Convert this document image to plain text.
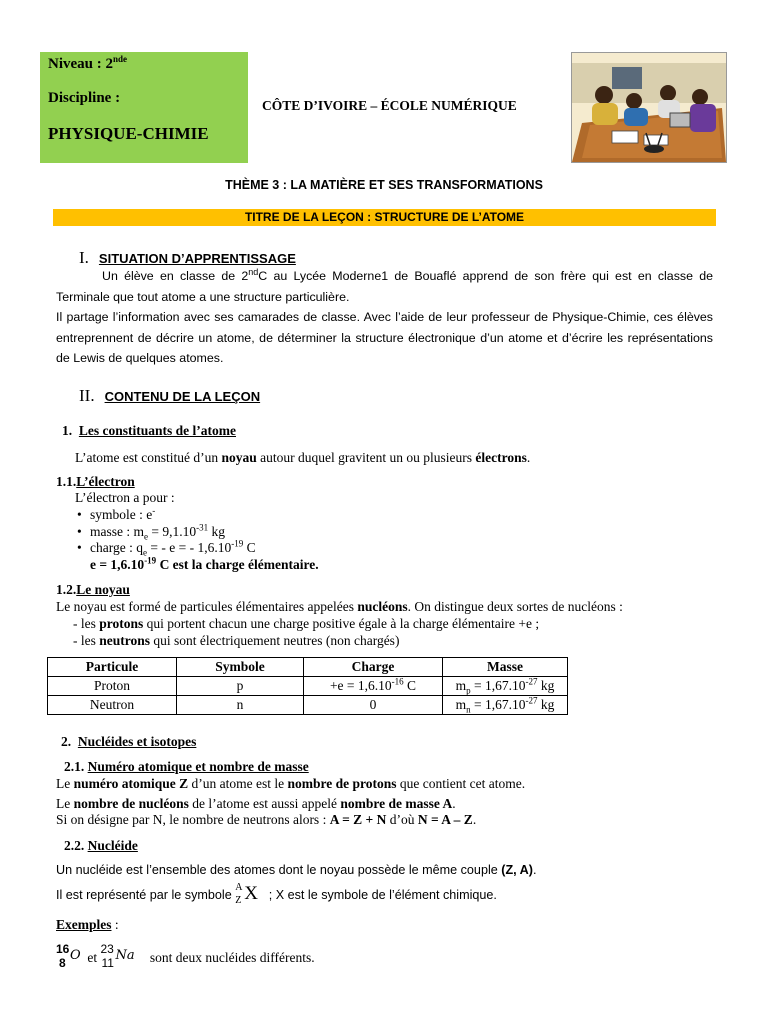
Niveau : 2nde
Discipline :
PHYSIQUE-CHIMIE
CÔTE D’IVOIRE – ÉCOLE NUMÉRIQUE
THÈME 3 : LA MATIÈRE ET SES TRANSFORMATIONS
TITRE DE LA LEÇON : STRUCTURE DE L’ATOME
I. SITUATION D’APPRENTISSAGE
Un élève en classe de 2ndC au Lycée Moderne1 de Bouaflé apprend de son frère qui est en classe de Terminale que tout atome a une structure particulière.
Il partage l’information avec ses camarades de classe. Avec l’aide de leur professeur de Physique-Chimie, ces élèves entreprennent de décrire un atome, de déterminer la structure électronique d’un atome et d’écrire les représentations de Lewis de quelques atomes.
II. CONTENU DE LA LEÇON
1. Les constituants de l’atome
L’atome est constitué d’un noyau autour duquel gravitent un ou plusieurs électrons.
1.1.L’électron
L’électron a pour :
• symbole : e-
• masse : $m_e = 9,1.10^{-31}$ kg
• charge : $q_e$ = - e = - $1,6.10^{-19}$ C
$e = 1,6.10^{-19}$ C est la charge élémentaire.
1.2.Le noyau
Le noyau est formé de particules élémentaires appelées nucléons. On distingue deux sortes de nucléons :
- les protons qui portent chacun une charge positive égale à la charge élémentaire +e ;
- les neutrons qui sont électriquement neutres (non chargés)
Particule	Symbole	Charge	Masse
Proton	p	$+e = 1,6.10^{-16}$ C	$m_p = 1,67.10^{-27}$ kg
Neutron	n	0	$m_n = 1,67.10^{-27}$ kg
2. Nucléides et isotopes
2.1. Numéro atomique et nombre de masse
Le numéro atomique Z d’un atome est le nombre de protons que contient cet atome.
Le nombre de nucléons de l’atome est aussi appelé nombre de masse A.
Si on désigne par N, le nombre de neutrons alors : A = Z + N d’où N = A – Z.
2.2. Nucléide
Un nucléide est l’ensemble des atomes dont le noyau possède le même couple (Z, A).
Il est représenté par le symbole
A
Z X ; X est le symbole de l’élément chimique.
Exemples :
16
8 O et
23
11 Na sont deux nucléides différents.
